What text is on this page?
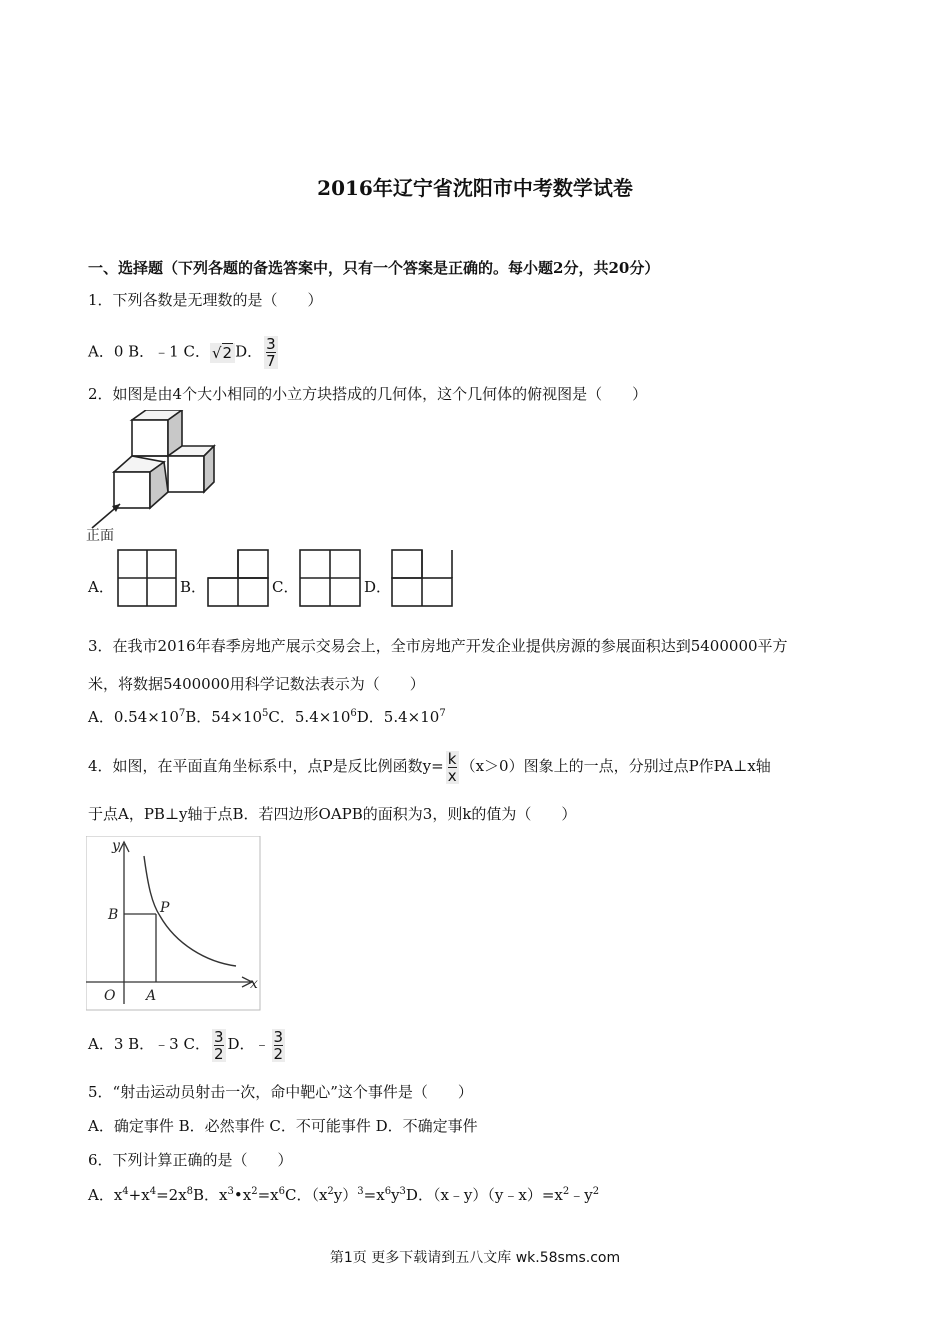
2016年辽宁省沈阳市中考数学试卷
一、选择题（下列各题的备选答案中，只有一个答案是正确的。每小题2分，共20分）
1．下列各数是无理数的是（　　）
A．0 B．﹣1 C． √2 D． $\frac{3}{7}$
2．如图是由4个大小相同的小立方块搭成的几何体，这个几何体的俯视图是（　　）
正面
A．	B．	C．	D．
3．在我市2016年春季房地产展示交易会上，全市房地产开发企业提供房源的参展面积达到5400000平方
米，将数据5400000用科学记数法表示为（　　）
A．$0.54\times 10^7B$．$54\times 10^5C$．$5.4\times 10^6D$．$5.4\times 10^7$
4．如图，在平面直角坐标系中，点P是反比例函数$y= \frac{k}{x} (x>0)$图象上的一点，分别过点P作PA⊥x轴
于点A，PB⊥y轴于点B．若四边形OAPB的面积为3，则k的值为（　　）
y
x
B	P
O A
A．3 B．﹣3 C． $\frac{3}{2}$ D．﹣ $\frac{3}{2}$
5．“射击运动员射击一次，命中靶心”这个事件是（　　）
A．确定事件 B．必然事件 C．不可能事件 D．不确定事件
6．下列计算正确的是（　　）
A．$x^4+x^4=2x^8B$．$x^3•x^2=x^6C$．$(x^2y)^3=x^6y^3D$．$(x﹣y)(y﹣x)=x^2﹣y^2$
第1页 更多下载请到五八文库 wk.58sms.com
